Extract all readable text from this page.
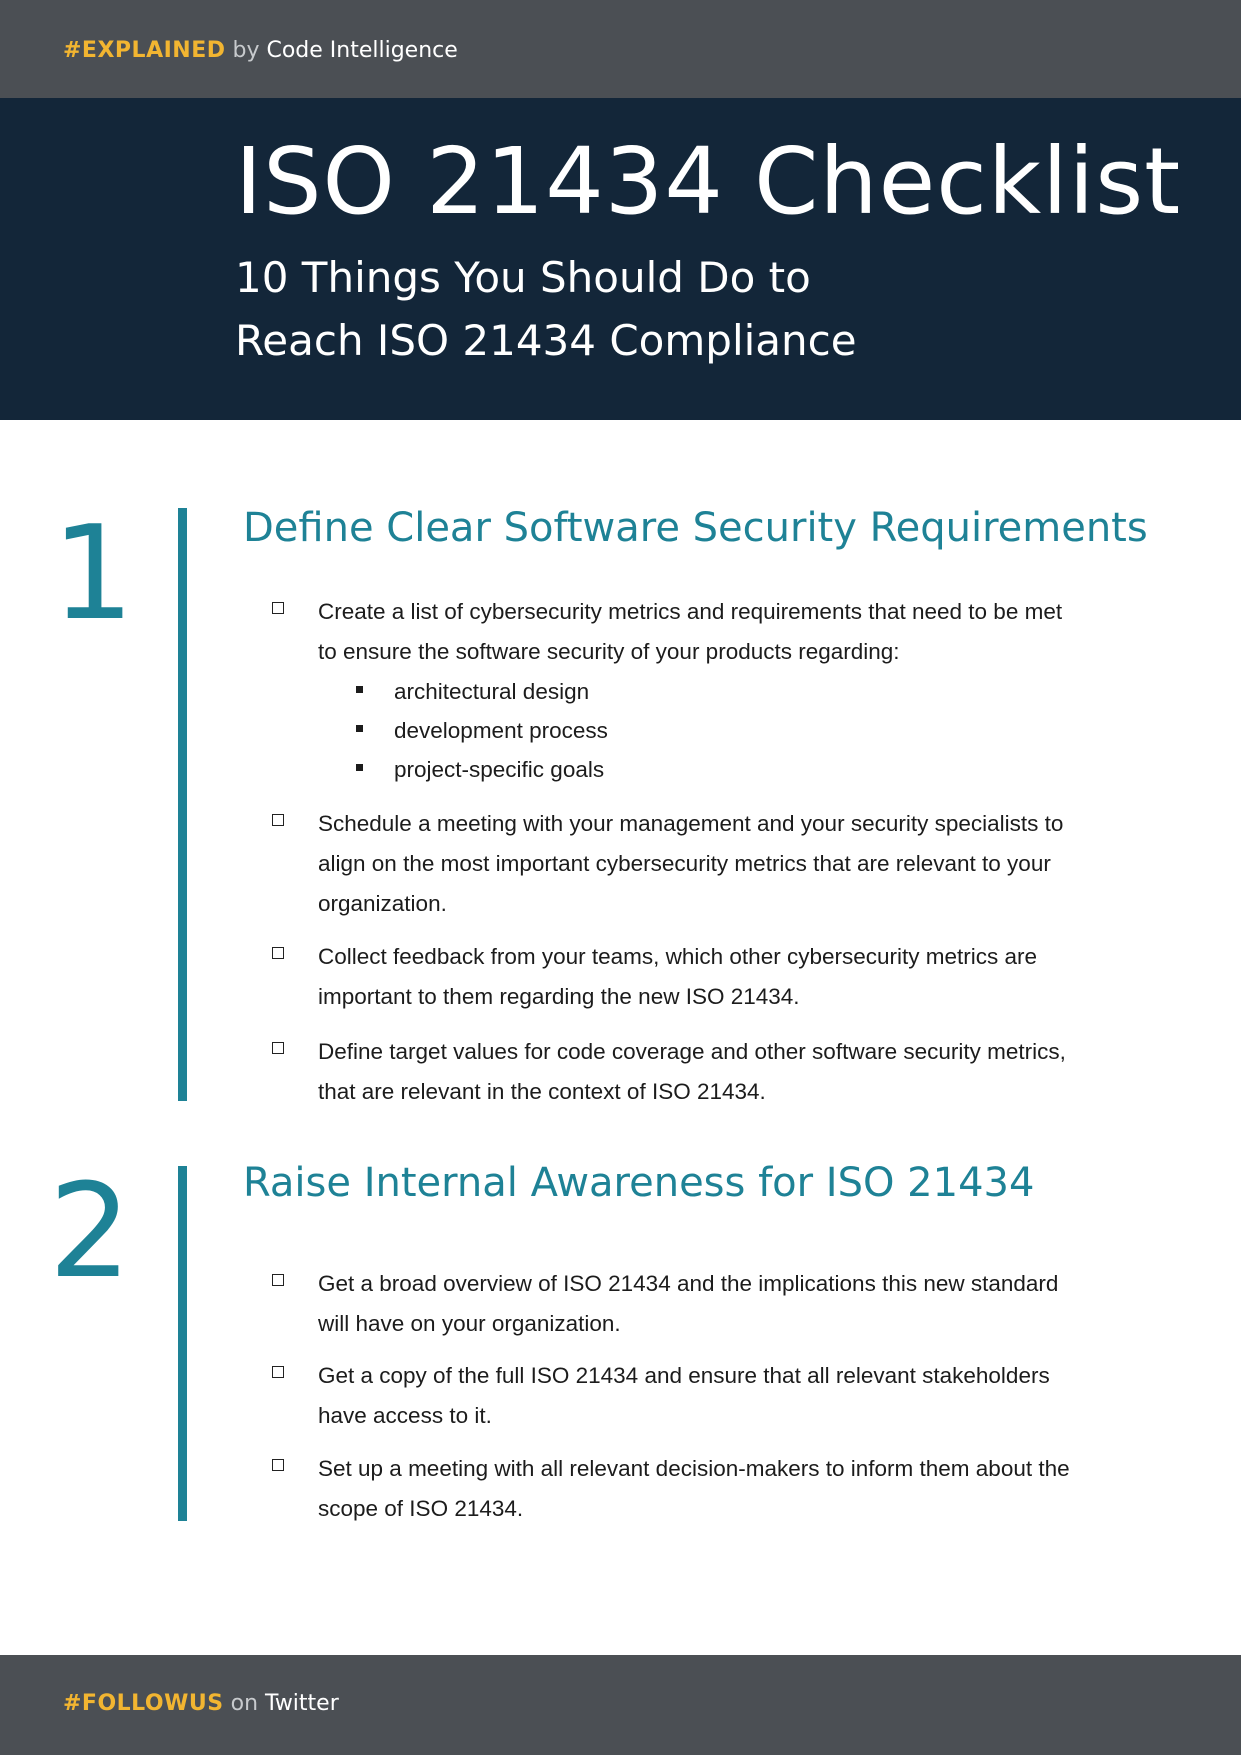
#EXPLAINED by Code Intelligence
ISO 21434 Checklist
10 Things You Should Do to
Reach ISO 21434 Compliance
1	Define Clear Software Security Requirements
Create a list of cybersecurity metrics and requirements that need to be met to ensure the software security of your products regarding:
architectural design
development process
project-specific goals
Schedule a meeting with your management and your security specialists to align on the most important cybersecurity metrics that are relevant to your organization.
Collect feedback from your teams, which other cybersecurity metrics are important to them regarding the new ISO 21434.
Define target values for code coverage and other software security metrics, that are relevant in the context of ISO 21434.
2	Raise Internal Awareness for ISO 21434
Get a broad overview of ISO 21434 and the implications this new standard will have on your organization.
Get a copy of the full ISO 21434 and ensure that all relevant stakeholders have access to it.
Set up a meeting with all relevant decision-makers to inform them about the scope of ISO 21434.
#FOLLOWUS on Twitter
